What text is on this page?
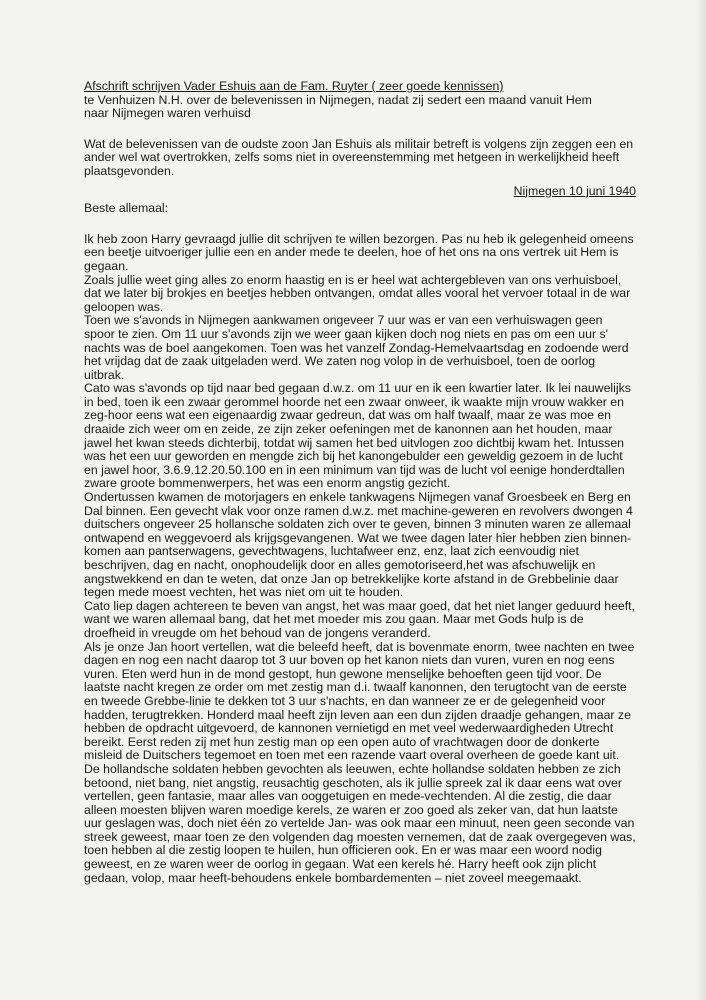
Afschrift schrijven Vader Eshuis aan de Fam. Ruyter ( zeer goede kennissen)

te Venhuizen N.H. over de belevenissen in Nijmegen, nadat zij sedert een maand vanuit Hem

naar Nijmegen waren verhuisd

Wat de belevenissen van de oudste zoon Jan Eshuis als militair betreft is volgens zijn zeggen een en ander wel wat overtrokken, zelfs soms niet in overeenstemming met hetgeen in werkelijkheid heeft plaatsgevonden.

Nijmegen 10 juni 1940

Beste allemaal:

Ik heb zoon Harry gevraagd jullie dit schrijven te willen bezorgen. Pas nu heb ik gelegenheid omeens een beetje uitvoeriger jullie een en ander mede te deelen, hoe of het ons na ons vertrek uit Hem is gegaan.

Zoals jullie weet ging alles zo enorm haastig en is er heel wat achtergebleven van ons verhuisboel, dat we later bij brokjes en beetjes hebben ontvangen, omdat alles vooral het vervoer totaal in de war geloopen was.

Toen we s'avonds in Nijmegen aankwamen ongeveer 7 uur was er van een verhuiswagen geen spoor te zien. Om 11 uur s'avonds zijn we weer gaan kijken doch nog niets en pas om een uur s' nachts was de boel aangekomen. Toen was het vanzelf Zondag-Hemelvaartsdag en zodoende werd het vrijdag dat de zaak uitgeladen werd. We zaten nog volop in de verhuisboel, toen de oorlog uitbrak.

Cato was s'avonds op tijd naar bed gegaan d.w.z. om 11 uur en ik een kwartier later. Ik lei nauwelijks in bed, toen ik een zwaar gerommel hoorde net een zwaar onweer, ik waakte mijn vrouw wakker en zeg-hoor eens wat een eigenaardig zwaar gedreun, dat was om half twaalf, maar ze was moe en draaide zich weer om en zeide, ze zijn zeker oefeningen met de kanonnen aan het houden, maar jawel het kwan steeds dichterbij, totdat wij samen het bed uitvlogen zoo dichtbij kwam het. Intussen was het een uur geworden en mengde zich bij het kanongebulder een geweldig gezoem in de lucht en jawel hoor, 3.6.9.12.20.50.100 en in een minimum van tijd was de lucht vol eenige honderdtallen zware groote bommenwerpers, het was een enorm angstig gezicht.

Ondertussen kwamen de motorjagers en enkele tankwagens Nijmegen vanaf Groesbeek en Berg en Dal binnen. Een gevecht vlak voor onze ramen d.w.z. met machine-geweren en revolvers dwongen 4 duitschers ongeveer 25 hollansche soldaten zich over te geven, binnen 3 minuten waren ze allemaal ontwapend en weggevoerd als krijgsgevangenen. Wat we twee dagen later hier hebben zien binnen-komen aan pantserwagens, gevechtwagens, luchtafweer enz, enz, laat zich eenvoudig niet beschrijven, dag en nacht, onophoudelijk door en alles gemotoriseerd,het was afschuwelijk en angstwekkend en dan te weten, dat onze Jan op betrekkelijke korte afstand in de Grebbelinie daar tegen mede moest vechten, het was niet om uit te houden.

Cato liep dagen achtereen te beven van angst, het was maar goed, dat het niet langer geduurd heeft, want we waren allemaal bang, dat het met moeder mis zou gaan. Maar met Gods hulp is de droefheid in vreugde om het behoud van de jongens veranderd.

Als je onze Jan hoort vertellen, wat die beleefd heeft, dat is bovenmate enorm, twee nachten en twee dagen en nog een nacht daarop tot 3 uur boven op het kanon niets dan vuren, vuren en nog eens vuren. Eten werd hun in de mond gestopt, hun gewone menselijke behoeften geen tijd voor. De laatste nacht kregen ze order om met zestig man d.i. twaalf kanonnen, den terugtocht van de eerste en tweede Grebbe-linie te dekken tot 3 uur s'nachts, en dan wanneer ze er de gelegenheid voor hadden, terugtrekken. Honderd maal heeft zijn leven aan een dun zijden draadje gehangen, maar ze hebben de opdracht uitgevoerd, de kannonen vernietigd en met veel wederwaardigheden Utrecht bereikt. Eerst reden zij met hun zestig man op een open auto of vrachtwagen door de donkerte misleid de Duitschers tegemoet en toen met een razende vaart overal overheen de goede kant uit.

De hollandsche soldaten hebben gevochten als leeuwen, echte hollandse soldaten hebben ze zich betoond, niet bang, niet angstig, reusachtig geschoten, als ik jullie spreek zal ik daar eens wat over vertellen, geen fantasie, maar alles van ooggetuigen en mede-vechtenden. Al die zestig, die daar alleen moesten blijven waren moedige kerels, ze waren er zoo goed als zeker van, dat hun laatste uur geslagen was, doch niet één zo vertelde Jan- was ook maar een minuut, neen geen seconde van streek geweest, maar toen ze den volgenden dag moesten vernemen, dat de zaak overgegeven was, toen hebben al die zestig loopen te huilen, hun officieren ook. En er was maar een woord nodig geweest, en ze waren weer de oorlog in gegaan. Wat een kerels hé. Harry heeft ook zijn plicht gedaan, volop, maar heeft-behoudens enkele bombardementen – niet zoveel meegemaakt.
